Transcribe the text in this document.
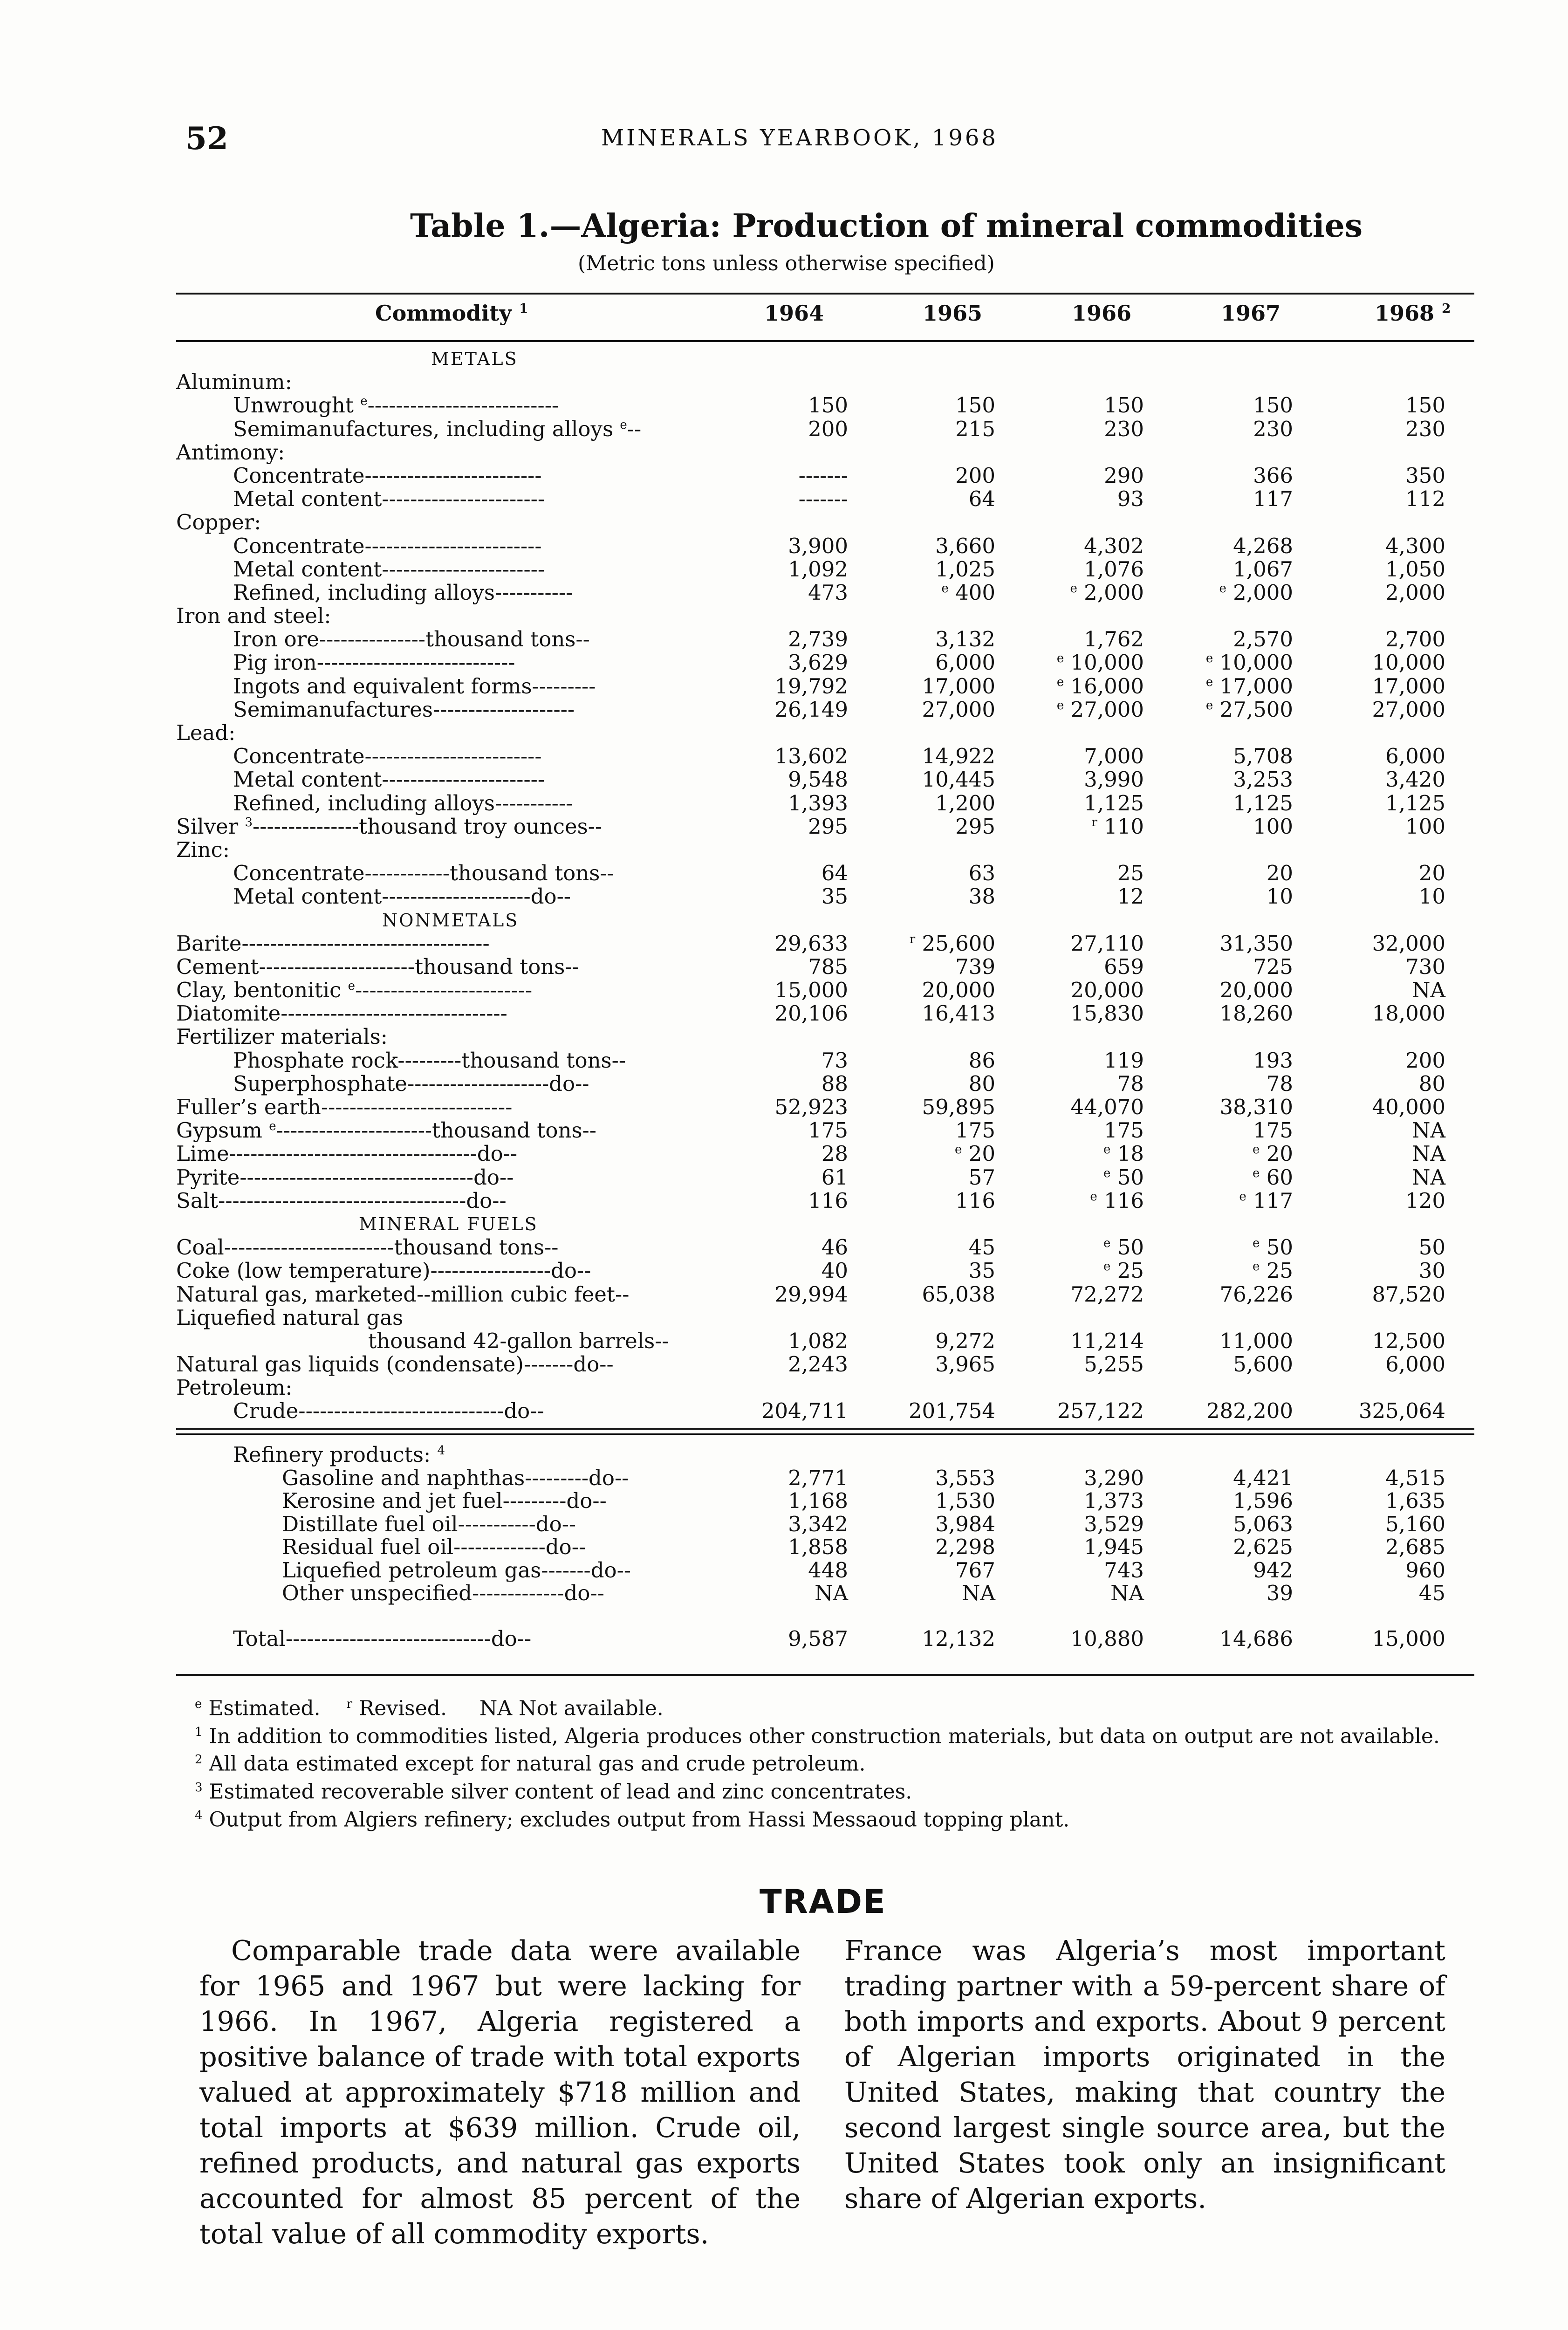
52	MINERALS YEARBOOK, 1968
Table 1.—Algeria: Production of mineral commodities
(Metric tons unless otherwise specified)
Commodity $^1$	1964	1965	1966	1967	1968 $^2$
METALS
Aluminum:
Unwrought $^e$---------------------------	150	150	150	150	150
Semimanufactures, including alloys $^e$--	200	215	230	230	230
Antimony:
Concentrate-------------------------	-------	200	290	366	350
Metal content-----------------------	-------	64	93	117	112
Copper:
Concentrate-------------------------	3,900	3,660	4,302	4,268	4,300
Metal content-----------------------	1,092	1,025	1,076	1,067	1,050
Refined, including alloys-----------	473	$^e$ 400	$^e$ 2,000	$^e$ 2,000	2,000
Iron and steel:
Iron ore---------------thousand tons--	2,739	3,132	1,762	2,570	2,700
Pig iron----------------------------	3,629	6,000	$^e$ 10,000	$^e$ 10,000	10,000
Ingots and equivalent forms---------	19,792	17,000	$^e$ 16,000	$^e$ 17,000	17,000
Semimanufactures--------------------	26,149	27,000	$^e$ 27,000	$^e$ 27,500	27,000
Lead:
Concentrate-------------------------	13,602	14,922	7,000	5,708	6,000
Metal content-----------------------	9,548	10,445	3,990	3,253	3,420
Refined, including alloys-----------	1,393	1,200	1,125	1,125	1,125
Silver $^3$---------------thousand troy ounces--	295	295	$^r$ 110	100	100
Zinc:
Concentrate------------thousand tons--	64	63	25	20	20
Metal content---------------------do--	35	38	12	10	10
NONMETALS
Barite-----------------------------------	29,633	$^r$ 25,600	27,110	31,350	32,000
Cement----------------------thousand tons--	785	739	659	725	730
Clay, bentonitic $^e$-------------------------	15,000	20,000	20,000	20,000	NA
Diatomite--------------------------------	20,106	16,413	15,830	18,260	18,000
Fertilizer materials:
Phosphate rock---------thousand tons--	73	86	119	193	200
Superphosphate--------------------do--	88	80	78	78	80
Fuller’s earth---------------------------	52,923	59,895	44,070	38,310	40,000
Gypsum $^e$----------------------thousand tons--	175	175	175	175	NA
Lime-----------------------------------do--	28	$^e$ 20	$^e$ 18	$^e$ 20	NA
Pyrite---------------------------------do--	61	57	$^e$ 50	$^e$ 60	NA
Salt-----------------------------------do--	116	116	$^e$ 116	$^e$ 117	120
MINERAL FUELS
Coal------------------------thousand tons--	46	45	$^e$ 50	$^e$ 50	50
Coke (low temperature)-----------------do--	40	35	$^e$ 25	$^e$ 25	30
Natural gas, marketed--million cubic feet--	29,994	65,038	72,272	76,226	87,520
Liquefied natural gas
thousand 42-gallon barrels--	1,082	9,272	11,214	11,000	12,500
Natural gas liquids (condensate)-------do--	2,243	3,965	5,255	5,600	6,000
Petroleum:
Crude-----------------------------do--	204,711	201,754	257,122	282,200	325,064
Refinery products: $^4$
Gasoline and naphthas---------do--	2,771	3,553	3,290	4,421	4,515
Kerosine and jet fuel---------do--	1,168	1,530	1,373	1,596	1,635
Distillate fuel oil-----------do--	3,342	3,984	3,529	5,063	5,160
Residual fuel oil-------------do--	1,858	2,298	1,945	2,625	2,685
Liquefied petroleum gas-------do--	448	767	743	942	960
Other unspecified-------------do--	NA	NA	NA	39	45
Total-----------------------------do--	9,587	12,132	10,880	14,686	15,000

$^e$ Estimated. $^r$ Revised. NA Not available.

$^1$ In addition to commodities listed, Algeria produces other construction materials, but data on output are not available.

$^2$ All data estimated except for natural gas and crude petroleum.

$^3$ Estimated recoverable silver content of lead and zinc concentrates.

$^4$ Output from Algiers refinery; excludes output from Hassi Messaoud topping plant.

TRADE
Comparable trade data were available for 1965 and 1967 but were lacking for 1966. In 1967, Algeria registered a positive balance of trade with total exports valued at approximately $718 million and total imports at $639 million. Crude oil, refined products, and natural gas exports accounted for almost 85 percent of the total value of all commodity exports.
France was Algeria’s most important trading partner with a 59-percent share of both imports and exports. About 9 percent of Algerian imports originated in the United States, making that country the second largest single source area, but the United States took only an insignificant share of Algerian exports.
